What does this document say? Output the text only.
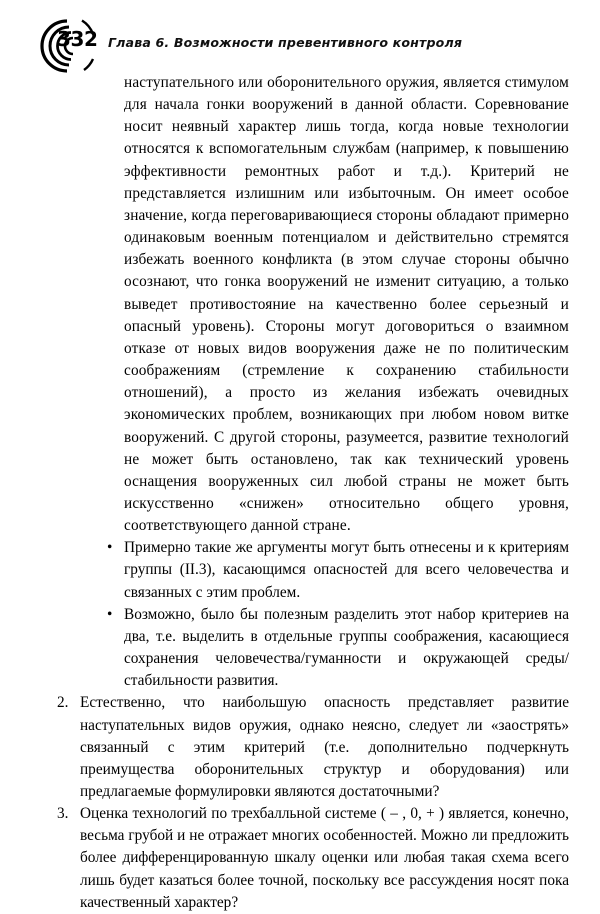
332 Глава 6. Возможности превентивного контроля

наступательного или оборонительного оружия, является стимулом для начала гонки вооружений в данной области. Соревнование носит неявный характер лишь тогда, когда новые технологии относятся к вспомогательным службам (например, к повышению эффективности ремонтных работ и т.д.). Критерий не представляется излишним или избыточным. Он имеет особое значение, когда переговаривающиеся стороны обладают примерно одинаковым военным потенциалом и действительно стремятся избежать военного конфликта (в этом случае стороны обычно осознают, что гонка вооружений не изменит ситуацию, а только выведет противостояние на качественно более серьезный и опасный уровень). Стороны могут договориться о взаимном отказе от новых видов вооружения даже не по политическим соображениям (стремление к сохранению стабильности отношений), а просто из желания избежать очевидных экономических проблем, возникающих при любом новом витке вооружений. С другой стороны, разумеется, развитие технологий не может быть остановлено, так как технический уровень оснащения вооруженных сил любой страны не может быть искусственно «снижен» относительно общего уровня, соответствующего данной стране.

• Примерно такие же аргументы могут быть отнесены и к критериям группы (II.3), касающимся опасностей для всего человечества и связанных с этим проблем.
• Возможно, было бы полезным разделить этот набор критериев на два, т.е. выделить в отдельные группы соображения, касающиеся сохранения человечества/гуманности и окружающей среды/стабильности развития.
2. Естественно, что наибольшую опасность представляет развитие наступательных видов оружия, однако неясно, следует ли «заострять» связанный с этим критерий (т.е. дополнительно подчеркнуть преимущества оборонительных структур и оборудования) или предлагаемые формулировки являются достаточными?
3. Оценка технологий по трехбалльной системе ( – , 0, + ) является, конечно, весьма грубой и не отражает многих особенностей. Можно ли предложить более дифференцированную шкалу оценки или любая такая схема всего лишь будет казаться более точной, поскольку все рассуждения носят пока качественный характер?
